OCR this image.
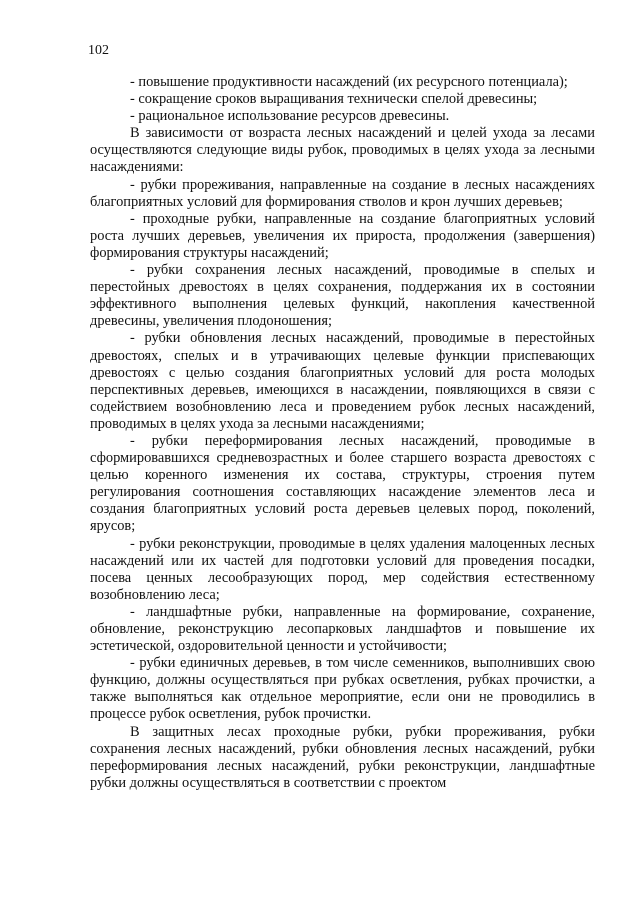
102

- повышение продуктивности насаждений (их ресурсного потенциала);

- сокращение сроков выращивания технически спелой древесины;

- рациональное использование ресурсов древесины.

В зависимости от возраста лесных насаждений и целей ухода за лесами осуществляются следующие виды рубок, проводимых в целях ухода за лесными насаждениями:

- рубки прореживания, направленные на создание в лесных насаждениях благоприятных условий для формирования стволов и крон лучших деревьев;

- проходные рубки, направленные на создание благоприятных условий роста лучших деревьев, увеличения их прироста, продолжения (завершения) формирования структуры насаждений;

- рубки сохранения лесных насаждений, проводимые в спелых и перестойных древостоях в целях сохранения, поддержания их в состоянии эффективного выполнения целевых функций, накопления качественной древесины, увеличения плодоношения;

- рубки обновления лесных насаждений, проводимые в перестойных древостоях, спелых и в утрачивающих целевые функции приспевающих древостоях с целью создания благоприятных условий для роста молодых перспективных деревьев, имеющихся в насаждении, появляющихся в связи с содействием возобновлению леса и проведением рубок лесных насаждений, проводимых в целях ухода за лесными насаждениями;

- рубки переформирования лесных насаждений, проводимые в сформировавшихся средневозрастных и более старшего возраста древостоях с целью коренного изменения их состава, структуры, строения путем регулирования соотношения составляющих насаждение элементов леса и создания благоприятных условий роста деревьев целевых пород, поколений, ярусов;

- рубки реконструкции, проводимые в целях удаления малоценных лесных насаждений или их частей для подготовки условий для проведения посадки, посева ценных лесообразующих пород, мер содействия естественному возобновлению леса;

- ландшафтные рубки, направленные на формирование, сохранение, обновление, реконструкцию лесопарковых ландшафтов и повышение их эстетической, оздоровительной ценности и устойчивости;

- рубки единичных деревьев, в том числе семенников, выполнивших свою функцию, должны осуществляться при рубках осветления, рубках прочистки, а также выполняться как отдельное мероприятие, если они не проводились в процессе рубок осветления, рубок прочистки.

В защитных лесах проходные рубки, рубки прореживания, рубки сохранения лесных насаждений, рубки обновления лесных насаждений, рубки переформирования лесных насаждений, рубки реконструкции, ландшафтные рубки должны осуществляться в соответствии с проектом
